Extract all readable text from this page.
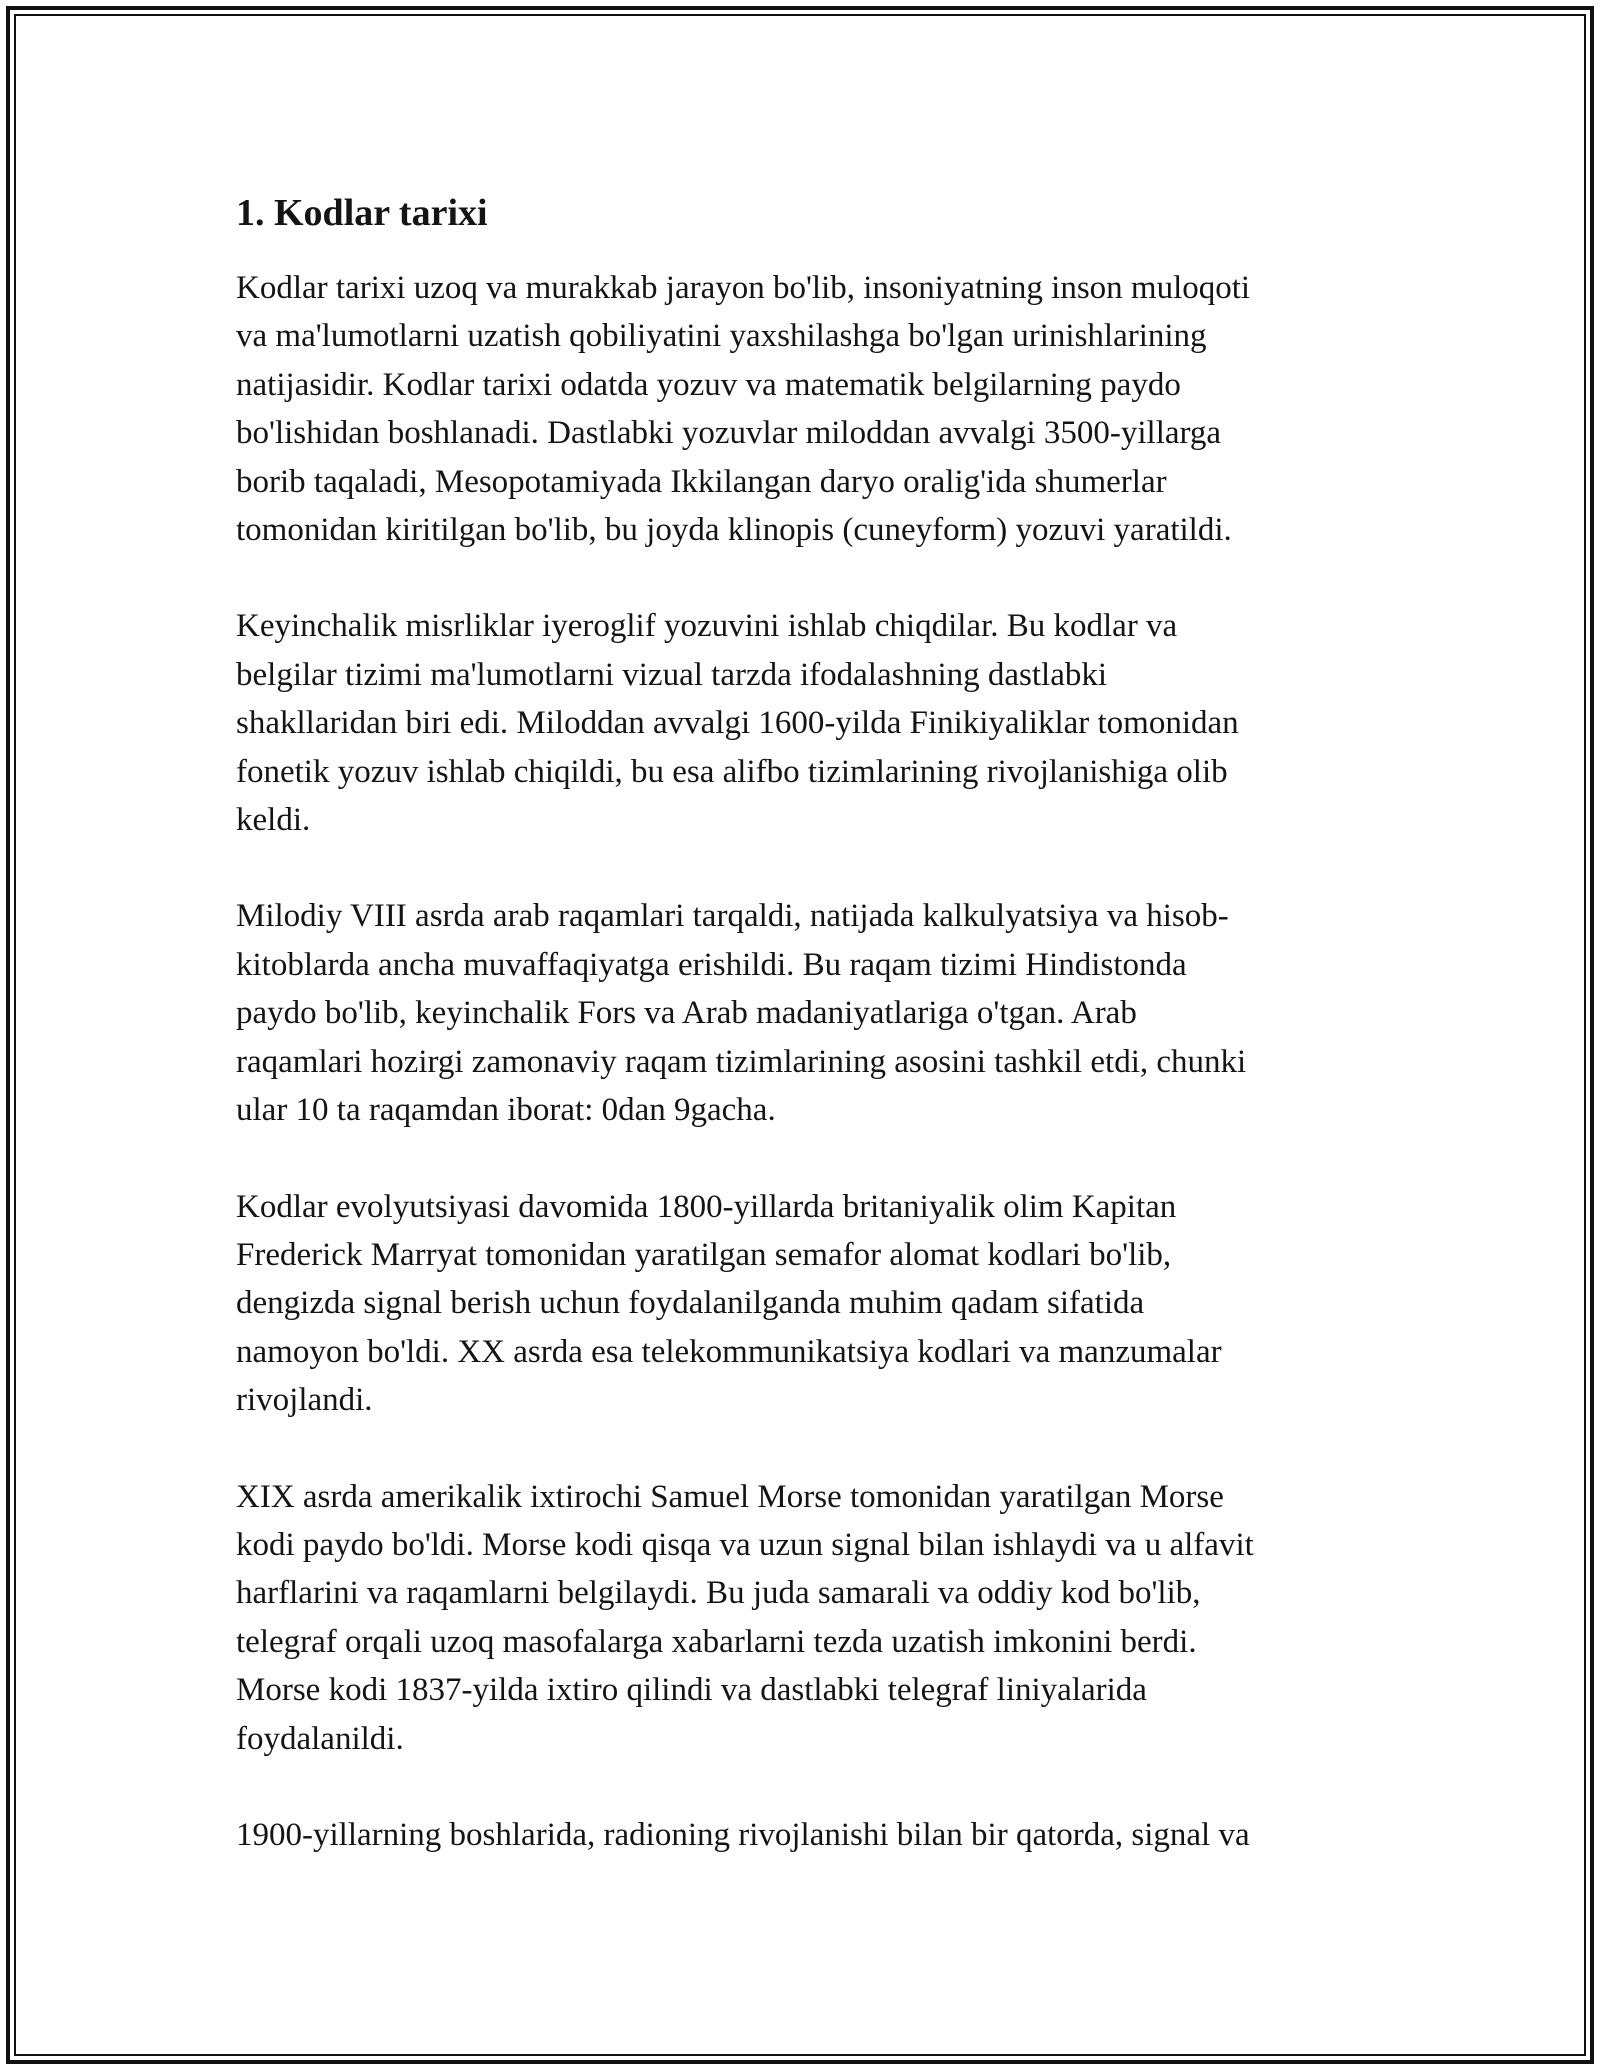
1. Kodlar tarixi

Kodlar tarixi uzoq va murakkab jarayon bo'lib, insoniyatning inson muloqoti
va ma'lumotlarni uzatish qobiliyatini yaxshilashga bo'lgan urinishlarining
natijasidir. Kodlar tarixi odatda yozuv va matematik belgilarning paydo
bo'lishidan boshlanadi. Dastlabki yozuvlar miloddan avvalgi 3500-yillarga
borib taqaladi, Mesopotamiyada Ikkilangan daryo oralig'ida shumerlar
tomonidan kiritilgan bo'lib, bu joyda klinopis (cuneyform) yozuvi yaratildi.

Keyinchalik misrliklar iyeroglif yozuvini ishlab chiqdilar. Bu kodlar va
belgilar tizimi ma'lumotlarni vizual tarzda ifodalashning dastlabki
shakllaridan biri edi. Miloddan avvalgi 1600-yilda Finikiyaliklar tomonidan
fonetik yozuv ishlab chiqildi, bu esa alifbo tizimlarining rivojlanishiga olib
keldi.

Milodiy VIII asrda arab raqamlari tarqaldi, natijada kalkulyatsiya va hisob-
kitoblarda ancha muvaffaqiyatga erishildi. Bu raqam tizimi Hindistonda
paydo bo'lib, keyinchalik Fors va Arab madaniyatlariga o'tgan. Arab
raqamlari hozirgi zamonaviy raqam tizimlarining asosini tashkil etdi, chunki
ular 10 ta raqamdan iborat: 0dan 9gacha.

Kodlar evolyutsiyasi davomida 1800-yillarda britaniyalik olim Kapitan
Frederick Marryat tomonidan yaratilgan semafor alomat kodlari bo'lib,
dengizda signal berish uchun foydalanilganda muhim qadam sifatida
namoyon bo'ldi. XX asrda esa telekommunikatsiya kodlari va manzumalar
rivojlandi.

XIX asrda amerikalik ixtirochi Samuel Morse tomonidan yaratilgan Morse
kodi paydo bo'ldi. Morse kodi qisqa va uzun signal bilan ishlaydi va u alfavit
harflarini va raqamlarni belgilaydi. Bu juda samarali va oddiy kod bo'lib,
telegraf orqali uzoq masofalarga xabarlarni tezda uzatish imkonini berdi.
Morse kodi 1837-yilda ixtiro qilindi va dastlabki telegraf liniyalarida
foydalanildi.

1900-yillarning boshlarida, radioning rivojlanishi bilan bir qatorda, signal va
